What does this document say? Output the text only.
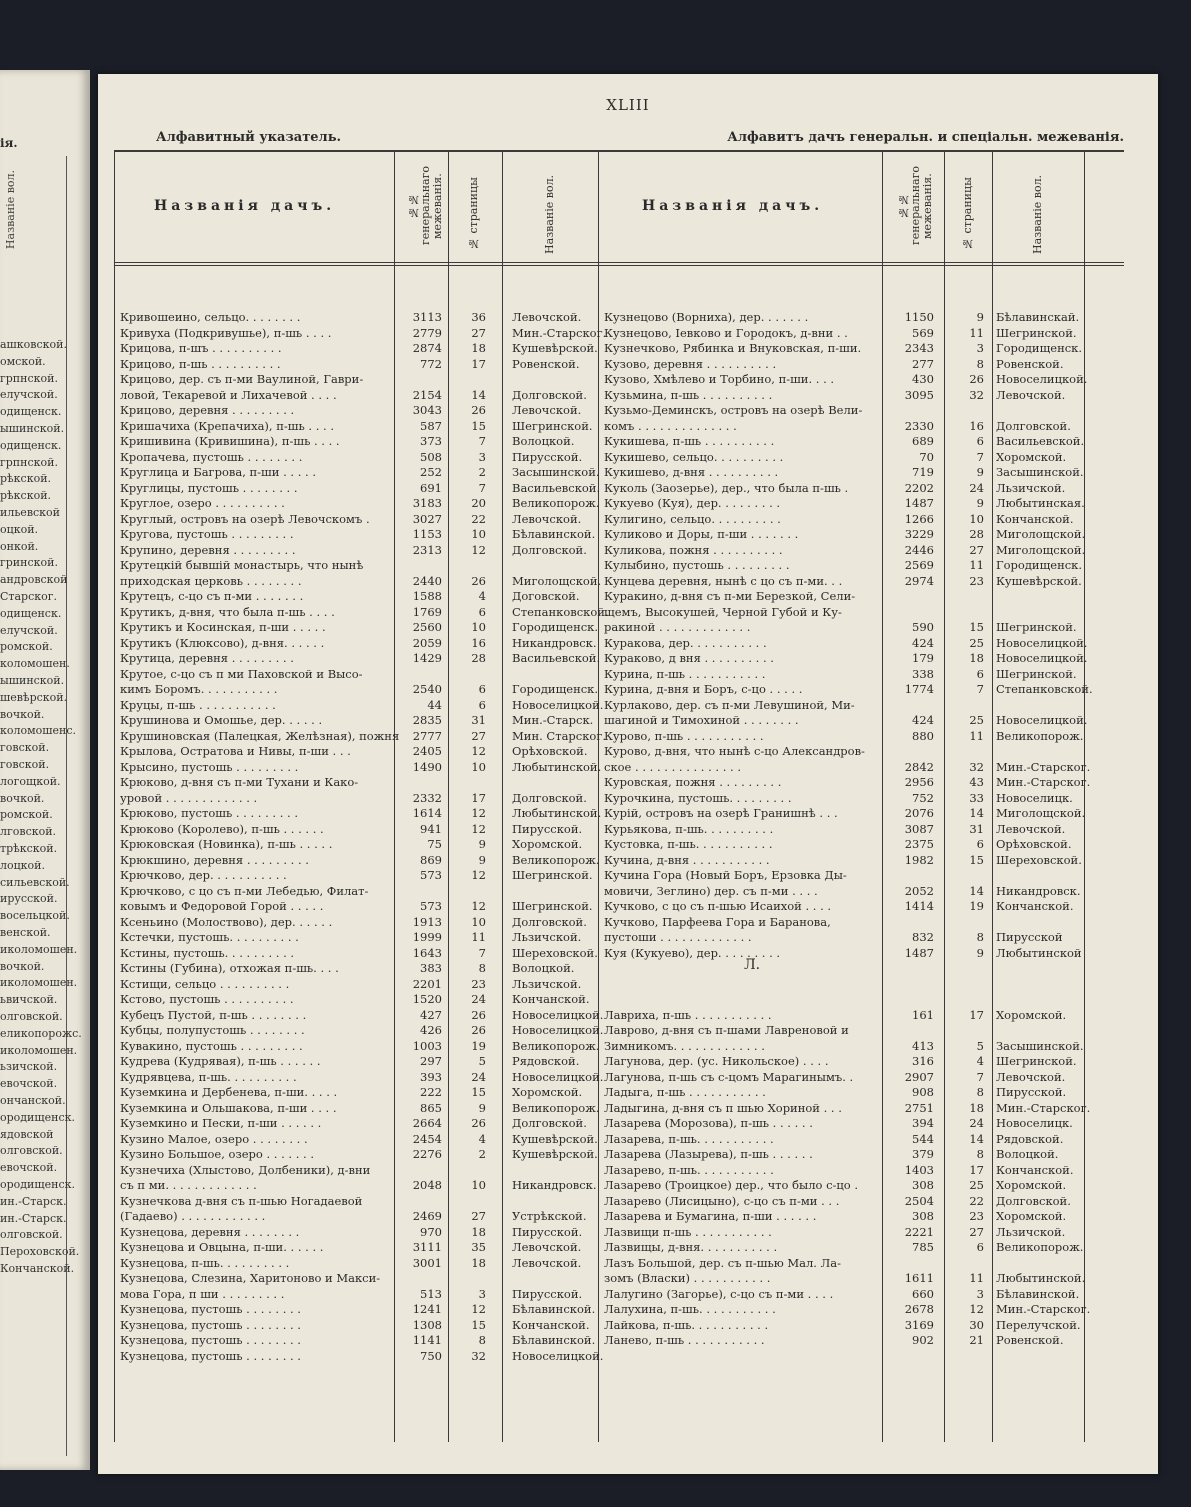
ія.
Названіе вол.
ашковской.
омской.
грпнской.
елучской.
одищенск.
ышинской.
одищенск.
грпнской.
рѣкской.
рѣкской.
ильевской
оцкой.
онкой.
гринской.
андровской
Старског.
одищенск.
елучской.
ромской.
коломошен.
ышинской.
шевѣрской.
вочкой.
коломошенс.
говской.
говской.
логощкой.
вочкой.
ромской.
лговской.
трѣкской.
лоцкой.
сильевской.
ирусской.
восельцкой.
венской.
иколомошен.
вочкой.
иколомошен.
ьвичской.
олговской.
еликопорожс.
иколомошен.
ьзичской.
евочской.
ончанской.
ородищенск.
ядовской
олговской.
евочской.
ородищенск.
ин.-Старск.
ин.-Старск.
олговской.
Пероховской.
Кончанской.
XLIII
Алфавитный указатель.	Алфавитъ дачъ генеральн. и спеціальн. межеванія.
Названія дачъ.	№№ генеральнаго межеванія. № страницы	Названіе вол.	Названія дачъ.	№№ генеральнаго межеванія. № страницы	Названіе вол.
Кривошеино, сельцо. . . . . . . .	3113	36 Левочской.
Кривуха (Подкривушье), п-шь . . . .	2779	27 Мин.-Старског.
Крицова, п-шъ . . . . . . . . . .	2874	18 Кушевѣрской.
Крицово, п-шь . . . . . . . . . .	772	17 Ровенской.
Крицово, дер. съ п-ми Ваулиной, Гаври-
ловой, Текаревой и Лихачевой . . . .	2154	14 Долговской.
Крицово, деревня . . . . . . . . .	3043	26 Левочской.
Кришачиха (Крепачиха), п-шь . . . .	587	15 Шегринской.
Кришивина (Кривишина), п-шь . . . .	373	7 Волоцкой.
Кропачева, пустошь . . . . . . . .	508	3 Пирусской.
Круглица и Багрова, п-ши . . . . .	252	2 Засышинской.
Круглицы, пустошь . . . . . . . .	691	7 Васильевской.
Круглое, озеро . . . . . . . . . .	3183	20 Великопорож.
Круглый, островъ на озерѣ Левочскомъ .	3027	22 Левочской.
Кругова, пустошь . . . . . . . . .	1153	10 Бѣлавинской.
Крупино, деревня . . . . . . . . .	2313	12 Долговской.
Крутецкій бывшій монастырь, что нынѣ
приходская церковь . . . . . . . .	2440	26 Миголощской.
Крутецъ, с-цо съ п-ми . . . . . . .	1588	4 Договской.
Крутикъ, д-вня, что была п-шь . . . .	1769	6 Степанковской.
Крутикъ и Косинская, п-ши . . . . .	2560	10 Городищенск.
Крутикъ (Клюксово), д-вня. . . . . .	2059	16 Никандровск.
Крутица, деревня . . . . . . . . .	1429	28 Васильевской.
Крутое, с-цо съ п ми Паховской и Высо-
кимъ Боромъ. . . . . . . . . . .	2540	6 Городищенск.
Круцы, п-шь . . . . . . . . . . .	44	6 Новоселицкой.
Крушинова и Омошье, дер. . . . . .	2835	31 Мин.-Старск.
Крушиновская (Палецкая, Желѣзная), пожня	2777	27 Мин. Старског.
Крылова, Остратова и Нивы, п-ши . . .	2405	12 Орѣховской.
Крысино, пустошь . . . . . . . . .	1490	10 Любытинской.
Крюково, д-вня съ п-ми Тухани и Како-
уровой . . . . . . . . . . . . .	2332	17 Долговской.
Крюково, пустошь . . . . . . . . .	1614	12 Любытинской.
Крюково (Королево), п-шь . . . . . .	941	12 Пирусской.
Крюковская (Новинка), п-шь . . . . .	75	9 Хоромской.
Крюкшино, деревня . . . . . . . . .	869	9 Великопорож.
Крючково, дер. . . . . . . . . . .	573	12 Шегринской.
Крючково, с цо съ п-ми Лебедью, Филат-
ковымъ и Федоровой Горой . . . . .	573	12 Шегринской.
Ксеньино (Молоствово), дер. . . . . .	1913	10 Долговской.
Кстечки, пустошь. . . . . . . . . .	1999	11 Льзичской.
Кстины, пустошь. . . . . . . . . .	1643	7 Шереховской.
Кстины (Губина), отхожая п-шь. . . .	383	8 Волоцкой.
Кстищи, сельцо . . . . . . . . . .	2201	23 Льзичской.
Кстово, пустошь . . . . . . . . . .	1520	24 Кончанской.
Кубецъ Пустой, п-шь . . . . . . . .	427	26 Новоселицкой.
Кубцы, полупустошь . . . . . . . .	426	26 Новоселицкой.
Кувакино, пустошь . . . . . . . . .	1003	19 Великопорож.
Кудрева (Кудрявая), п-шь . . . . . .	297	5 Рядовской.
Кудрявцева, п-шь. . . . . . . . . .	393	24 Новоселицкой.
Куземкина и Дербенева, п-ши. . . . .	222	15 Хоромской.
Куземкина и Ольшакова, п-ши . . . .	865	9 Великопорож.
Куземкино и Пески, п-ши . . . . . .	2664	26 Долговской.
Кузино Малое, озеро . . . . . . . .	2454	4 Кушевѣрской.
Кузино Большое, озеро . . . . . . .	2276	2 Кушевѣрской.
Кузнечиха (Хлыстово, Долбеники), д-вни
съ п ми. . . . . . . . . . . . .	2048	10 Никандровск.
Кузнечкова д-вня съ п-шью Ногадаевой
(Гадаево) . . . . . . . . . . . .	2469	27 Устрѣкской.
Кузнецова, деревня . . . . . . . .	970	18 Пирусской.
Кузнецова и Овцына, п-ши. . . . . .	3111	35 Левочской.
Кузнецова, п-шь. . . . . . . . . .	3001	18 Левочской.
Кузнецова, Слезина, Харитоново и Макси-
мова Гора, п ши . . . . . . . . .	513	3 Пирусской.
Кузнецова, пустошь . . . . . . . .	1241	12 Бѣлавинской.
Кузнецова, пустошь . . . . . . . .	1308	15 Кончанской.
Кузнецова, пустошь . . . . . . . .	1141	8 Бѣлавинской.
Кузнецова, пустошь . . . . . . . .	750	32 Новоселицкой.
Кузнецово (Ворниха), дер. . . . . . .	1150	9 Бѣлавинскай.
Кузнецово, Іевково и Городокъ, д-вни . .	569	11 Шегринской.
Кузнечково, Рябинка и Внуковская, п-ши.	2343	3 Городищенск.
Кузово, деревня . . . . . . . . . .	277	8 Ровенской.
Кузово, Хмѣлево и Торбино, п-ши. . . .	430	26 Новоселицкой.
Кузьмина, п-шь . . . . . . . . . .	3095	32 Левочской.
Кузьмо-Деминскъ, островъ на озерѣ Вели-
комъ . . . . . . . . . . . . . .	2330	16 Долговской.
Кукишева, п-шь . . . . . . . . . .	689	6 Васильевской.
Кукишево, сельцо. . . . . . . . . .	70	7 Хоромской.
Кукишево, д-вня . . . . . . . . . .	719	9 Засышинской.
Куколь (Заозерье), дер., что была п-шь .	2202	24 Льзичской.
Кукуево (Куя), дер. . . . . . . . .	1487	9 Любытинская.
Кулигино, сельцо. . . . . . . . . .	1266	10 Кончанской.
Куликово и Доры, п-ши . . . . . . .	3229	28 Миголощской.
Куликова, пожня . . . . . . . . . .	2446	27 Миголощской.
Кулыбино, пустошь . . . . . . . . .	2569	11 Городищенск.
Кунцева деревня, нынѣ с цо съ п-ми. . .	2974	23 Кушевѣрской.
Куракино, д-вня съ п-ми Березкой, Сели-
щемъ, Высокушей, Черной Губой и Ку-
ракиной . . . . . . . . . . . . .	590	15 Шегринской.
Куракова, дер. . . . . . . . . . .	424	25 Новоселицкой.
Кураково, д вня . . . . . . . . . .	179	18 Новоселицкой.
Курина, п-шь . . . . . . . . . . .	338	6 Шегринской.
Курина, д-вня и Боръ, с-цо . . . . .	1774	7 Степанковской.
Курлаково, дер. съ п-ми Левушиной, Ми-
шагиной и Тимохиной . . . . . . . .	424	25 Новоселицкой.
Курово, п-шь . . . . . . . . . . .	880	11 Великопорож.
Курово, д-вня, что нынѣ с-цо Александров-
ское . . . . . . . . . . . . . . .	2842	32 Мин.-Старског.
Куровская, пожня . . . . . . . . .	2956	43 Мин.-Старског.
Курочкина, пустошь. . . . . . . . .	752	33 Новоселицк.
Курій, островъ на озерѣ Гранишнѣ . . .	2076	14 Миголощской.
Курьякова, п-шь. . . . . . . . . .	3087	31 Левочской.
Кустовка, п-шь. . . . . . . . . . .	2375	6 Орѣховской.
Кучина, д-вня . . . . . . . . . . .	1982	15 Шереховской.
Кучина Гора (Новый Боръ, Ерзовка Ды-
мовичи, Зеглино) дер. съ п-ми . . . .	2052	14 Никандровск.
Кучково, с цо съ п-шью Исаихой . . . .	1414	19 Кончанской.
Кучково, Парфеева Гора и Баранова,
пустоши . . . . . . . . . . . . .	832	8 Пирусской
Куя (Кукуево), дер. . . . . . . . .	1487	9 Любытинской
Лавриха, п-шь . . . . . . . . . . .	161	17 Хоромской.
Лаврово, д-вня съ п-шами Лавреновой и
Зимникомъ. . . . . . . . . . . . .	413	5 Засышинской.
Лагунова, дер. (ус. Никольское) . . . .	316	4 Шегринской.
Лагунова, п-шь съ с-цомъ Марагинымъ. .	2907	7 Левочской.
Ладыга, п-шь . . . . . . . . . . .	908	8 Пирусской.
Ладыгина, д-вня съ п шью Хориной . . .	2751	18 Мин.-Старског.
Лазарева (Морозова), п-шь . . . . . .	394	24 Новоселицк.
Лазарева, п-шь. . . . . . . . . . .	544	14 Рядовской.
Лазарева (Лазырева), п-шь . . . . . .	379	8 Волоцкой.
Лазарево, п-шь. . . . . . . . . . .	1403	17 Кончанской.
Лазарево (Троицкое) дер., что было с-цо .	308	25 Хоромской.
Лазарево (Лисицыно), с-цо съ п-ми . . .	2504	22 Долговской.
Лазарева и Бумагина, п-ши . . . . . .	308	23 Хоромской.
Лазвищи п-шь . . . . . . . . . . .	2221	27 Льзичской.
Лазвищы, д-вня. . . . . . . . . . .	785	6 Великопорож.
Лазъ Большой, дер. съ п-шью Мал. Ла-
зомъ (Власки) . . . . . . . . . . .	1611	11 Любытинской.
Лалугино (Загорье), с-цо съ п-ми . . . .	660	3 Бѣлавинской.
Лалухина, п-шь. . . . . . . . . . .	2678	12 Мин.-Старског.
Лайкова, п-шь. . . . . . . . . . .	3169	30 Перелучской.
Ланево, п-шь . . . . . . . . . . .	902	21 Ровенской.
Л.
